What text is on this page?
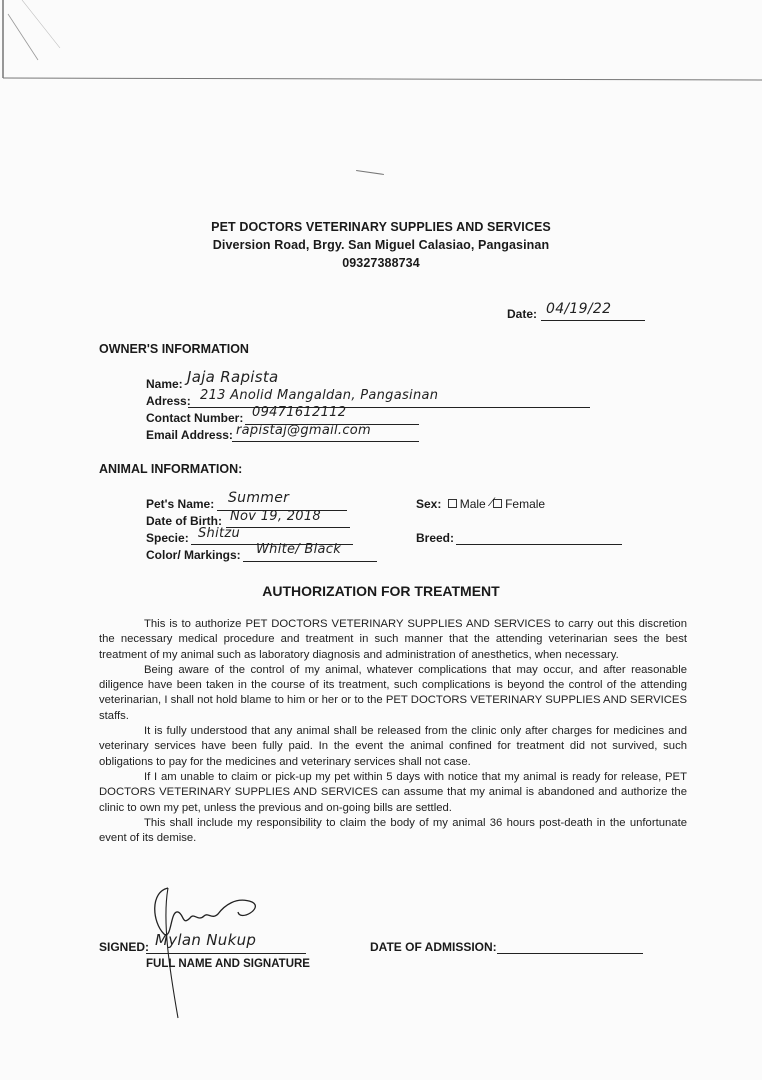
PET DOCTORS VETERINARY SUPPLIES AND SERVICES
Diversion Road, Brgy. San Miguel Calasiao, Pangasinan
09327388734
Date: 04/19/22
OWNER'S INFORMATION
Name: Jaja Rapista
Adress: 213 Anolid Mangaldan, Pangasinan
Contact Number: 09471612112
Email Address: rapistaj@gmail.com
ANIMAL INFORMATION:
Pet's Name: Summer
Date of Birth: Nov 19, 2018
Specie: Shitzu
Color/ Markings: White/ Black
Sex: Male ⁄ Female
Breed:
AUTHORIZATION FOR TREATMENT

This is to authorize PET DOCTORS VETERINARY SUPPLIES AND SERVICES to carry out this discretion the necessary medical procedure and treatment in such manner that the attending veterinarian sees the best treatment of my animal such as laboratory diagnosis and administration of anesthetics, when necessary.

Being aware of the control of my animal, whatever complications that may occur, and after reasonable diligence have been taken in the course of its treatment, such complications is beyond the control of the attending veterinarian, I shall not hold blame to him or her or to the PET DOCTORS VETERINARY SUPPLIES AND SERVICES staffs.

It is fully understood that any animal shall be released from the clinic only after charges for medicines and veterinary services have been fully paid. In the event the animal confined for treatment did not survived, such obligations to pay for the medicines and veterinary services shall not case.

If I am unable to claim or pick-up my pet within 5 days with notice that my animal is ready for release, PET DOCTORS VETERINARY SUPPLIES AND SERVICES can assume that my animal is abandoned and authorize the clinic to own my pet, unless the previous and on-going bills are settled.

This shall include my responsibility to claim the body of my animal 36 hours post-death in the unfortunate event of its demise.

SIGNED: Mylan Nukup
FULL NAME AND SIGNATURE
DATE OF ADMISSION:
